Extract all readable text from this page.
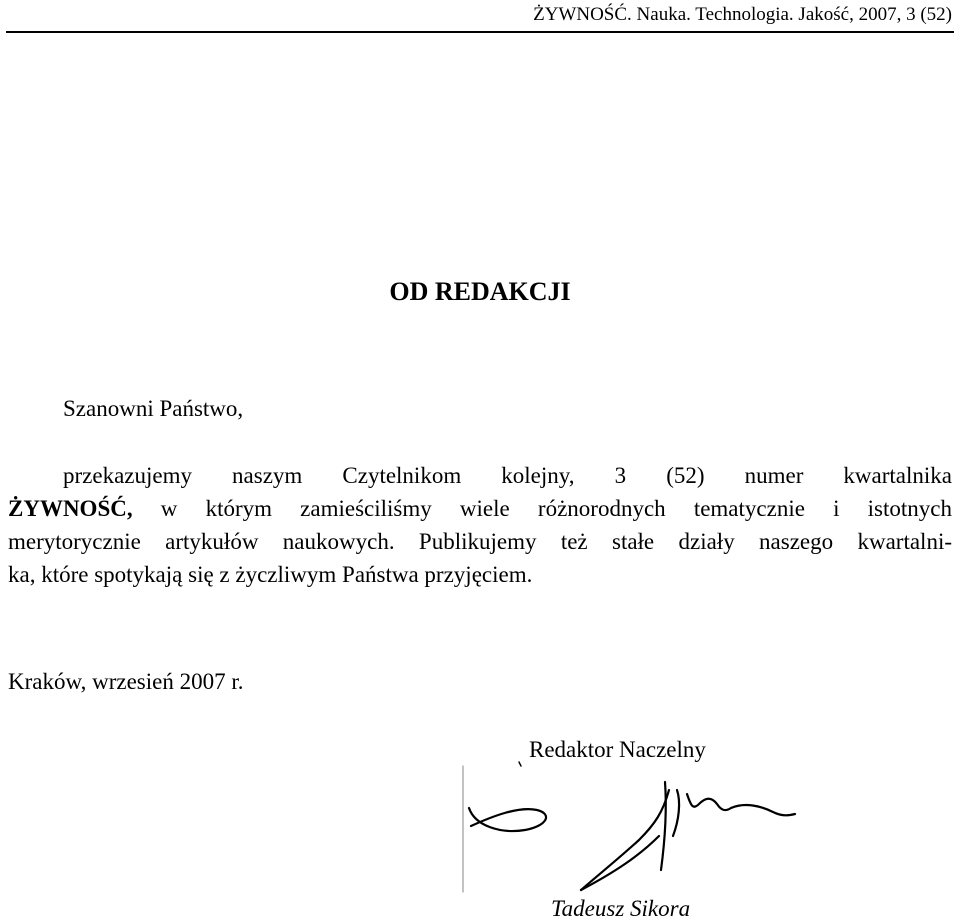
ŻYWNOŚĆ. Nauka. Technologia. Jakość, 2007, 3 (52)
OD REDAKCJI
Szanowni Państwo,
przekazujemy naszym Czytelnikom kolejny, 3 (52) numer kwartalnika
ŻYWNOŚĆ, w którym zamieściliśmy wiele różnorodnych tematycznie i istotnych
merytorycznie artykułów naukowych. Publikujemy też stałe działy naszego kwartalni-
ka, które spotykają się z życzliwym Państwa przyjęciem.
Kraków, wrzesień 2007 r.
Redaktor Naczelny
Tadeusz Sikora
